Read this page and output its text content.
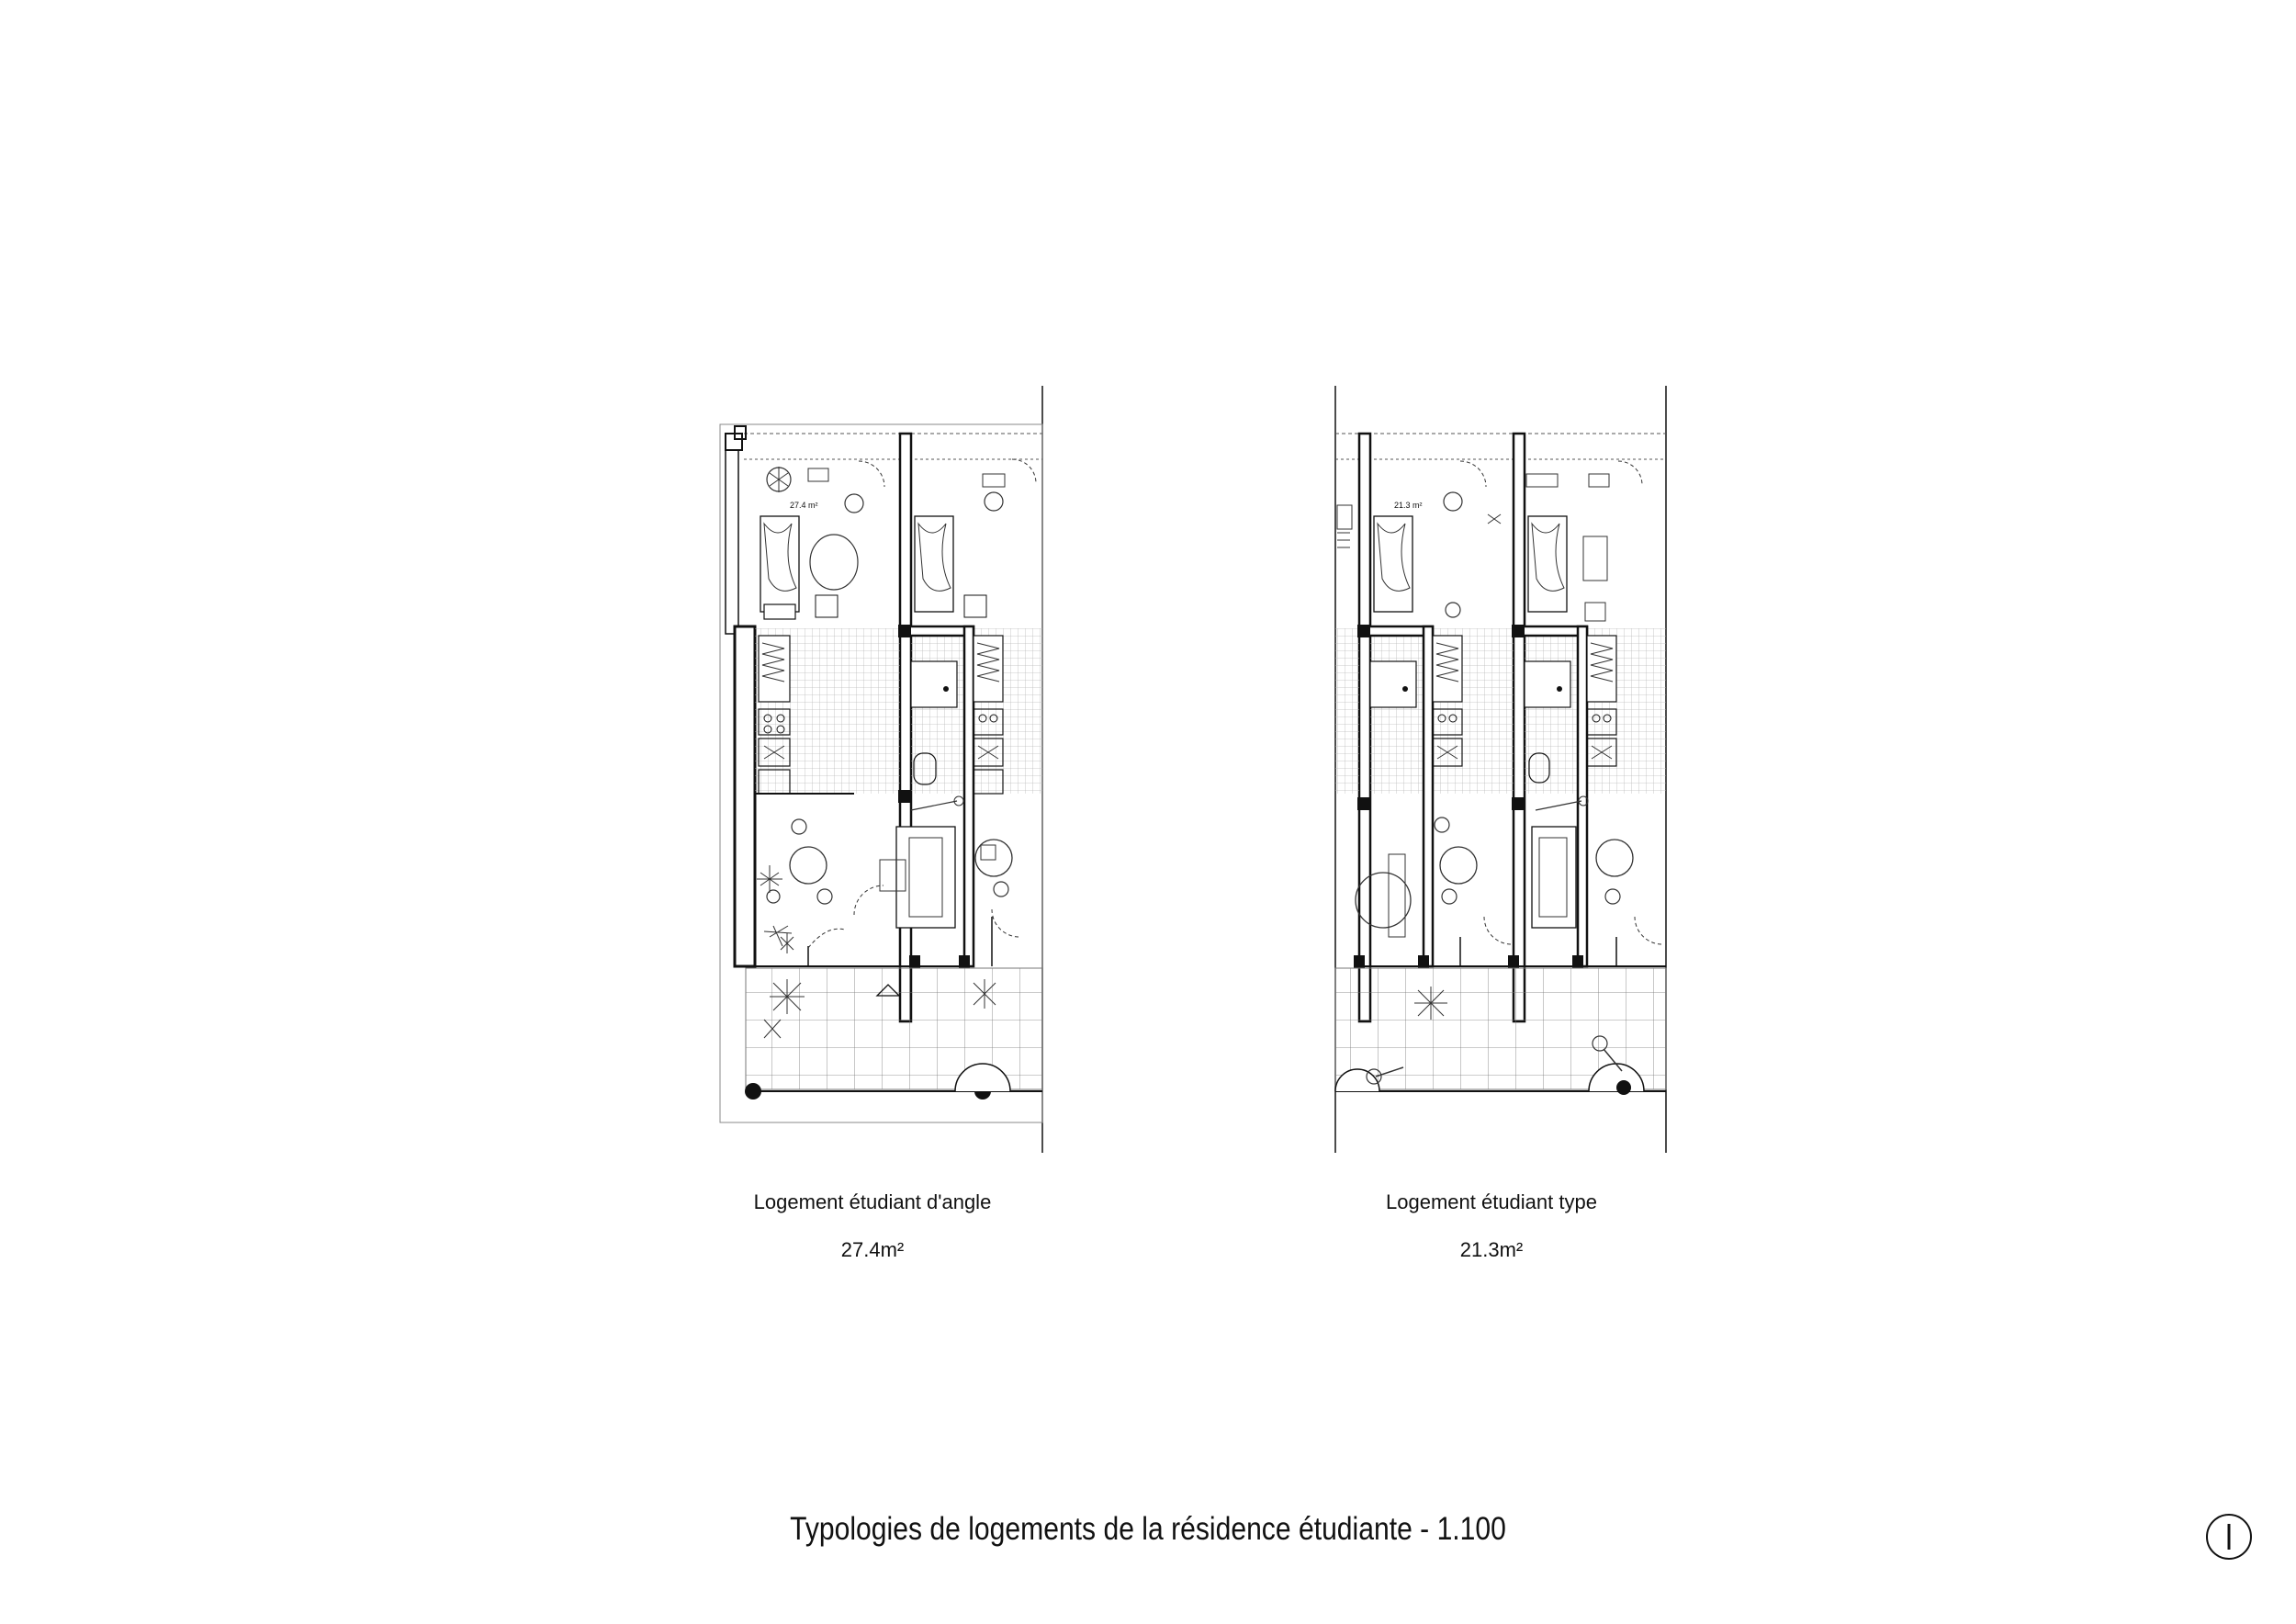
27.4 m²	21.3 m²
Logement étudiant d'angle
27.4m²
Logement étudiant type
21.3m²
Typologies de logements de la résidence étudiante - 1.100
